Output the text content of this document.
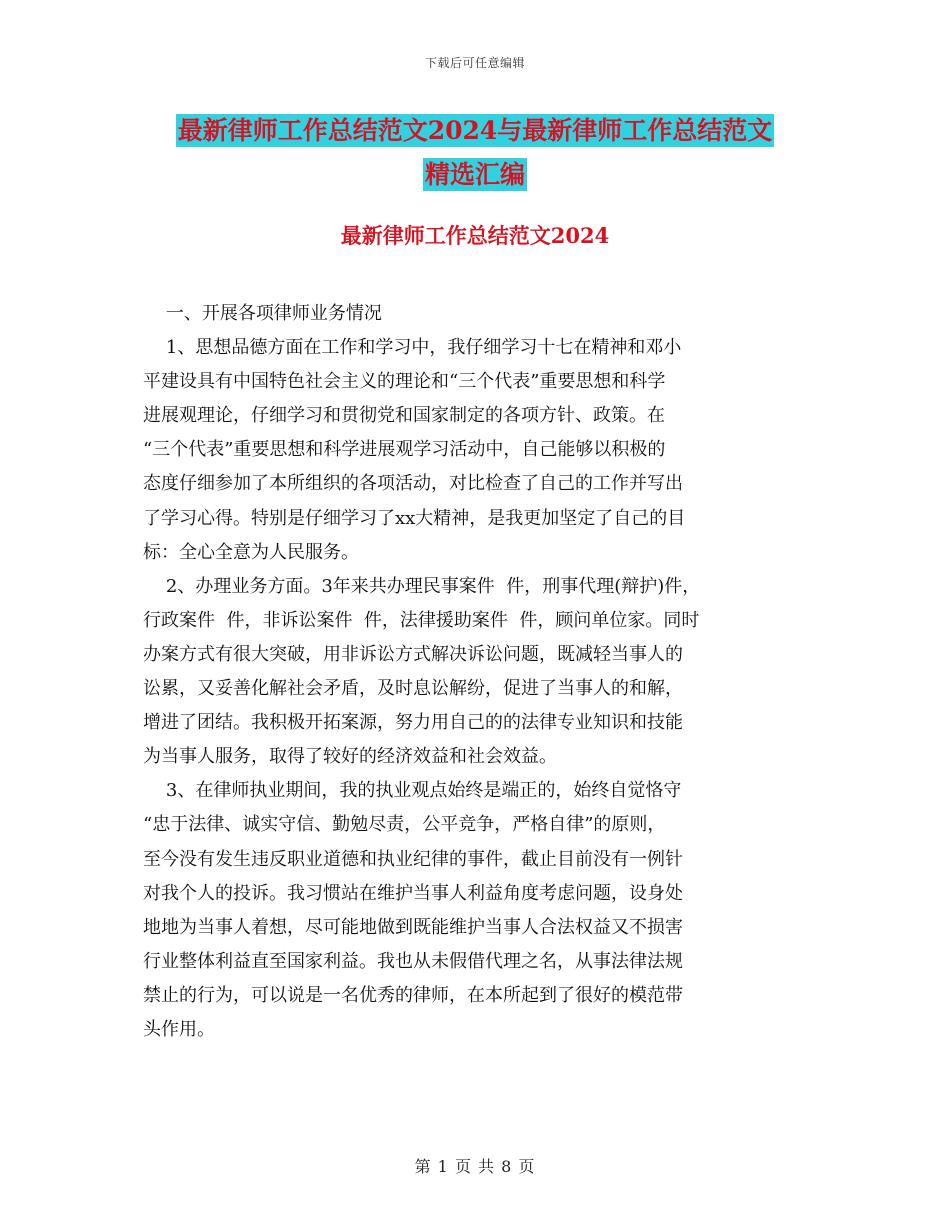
下载后可任意编辑
最新律师工作总结范文2024与最新律师工作总结范文
精选汇编
最新律师工作总结范文2024
一、开展各项律师业务情况
1、思想品德方面在工作和学习中，我仔细学习十七在精神和邓小
平建设具有中国特色社会主义的理论和“三个代表”重要思想和科学
进展观理论，仔细学习和贯彻党和国家制定的各项方针、政策。在
“三个代表”重要思想和科学进展观学习活动中，自己能够以积极的
态度仔细参加了本所组织的各项活动，对比检查了自己的工作并写出
了学习心得。特别是仔细学习了xx大精神，是我更加坚定了自己的目
标：全心全意为人民服务。
2、办理业务方面。3年来共办理民事案件  件，刑事代理(辩护)件，
行政案件  件，非诉讼案件  件，法律援助案件  件，顾问单位家。同时
办案方式有很大突破，用非诉讼方式解决诉讼问题，既减轻当事人的
讼累，又妥善化解社会矛盾，及时息讼解纷，促进了当事人的和解，
增进了团结。我积极开拓案源，努力用自己的的法律专业知识和技能
为当事人服务，取得了较好的经济效益和社会效益。
3、在律师执业期间，我的执业观点始终是端正的，始终自觉恪守
“忠于法律、诚实守信、勤勉尽责，公平竞争，严格自律”的原则，
至今没有发生违反职业道德和执业纪律的事件，截止目前没有一例针
对我个人的投诉。我习惯站在维护当事人利益角度考虑问题，设身处
地地为当事人着想，尽可能地做到既能维护当事人合法权益又不损害
行业整体利益直至国家利益。我也从未假借代理之名，从事法律法规
禁止的行为，可以说是一名优秀的律师，在本所起到了很好的模范带
头作用。
第 1 页 共 8 页
